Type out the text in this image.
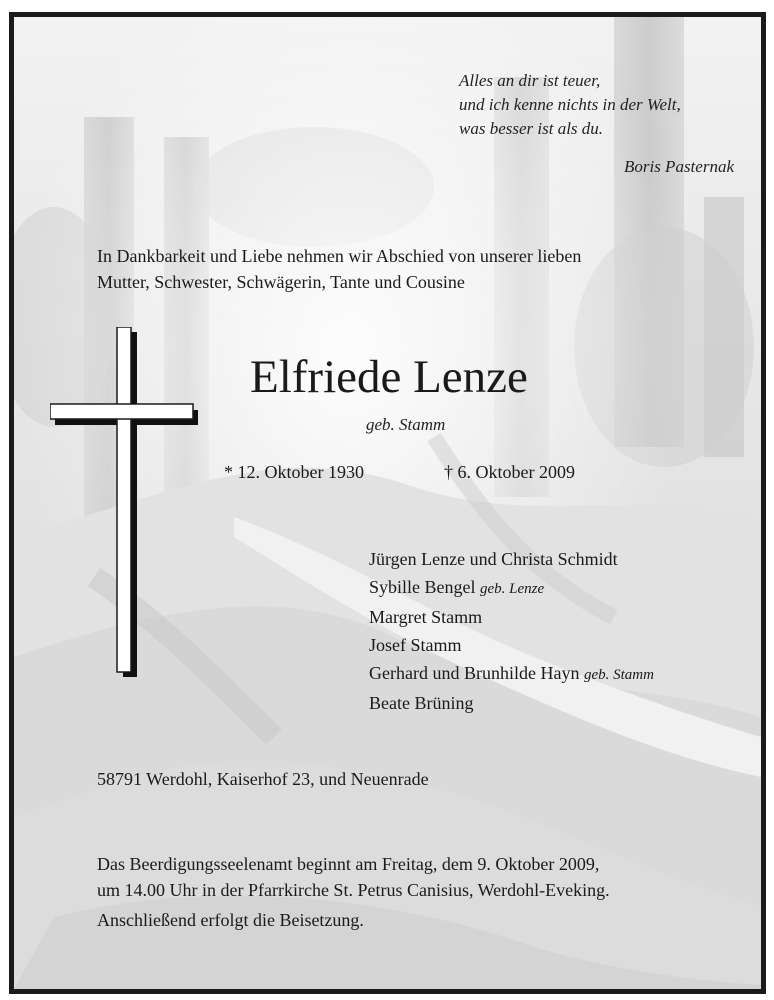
Alles an dir ist teuer,
und ich kenne nichts in der Welt,
was besser ist als du.
Boris Pasternak
In Dankbarkeit und Liebe nehmen wir Abschied von unserer lieben
Mutter, Schwester, Schwägerin, Tante und Cousine
Elfriede Lenze
geb. Stamm
* 12. Oktober 1930	† 6. Oktober 2009
Jürgen Lenze und Christa Schmidt
Sybille Bengel geb. Lenze
Margret Stamm
Josef Stamm
Gerhard und Brunhilde Hayn geb. Stamm
Beate Brüning
58791 Werdohl, Kaiserhof 23, und Neuenrade
Das Beerdigungsseelenamt beginnt am Freitag, dem 9. Oktober 2009,
um 14.00 Uhr in der Pfarrkirche St. Petrus Canisius, Werdohl-Eveking.
Anschließend erfolgt die Beisetzung.
